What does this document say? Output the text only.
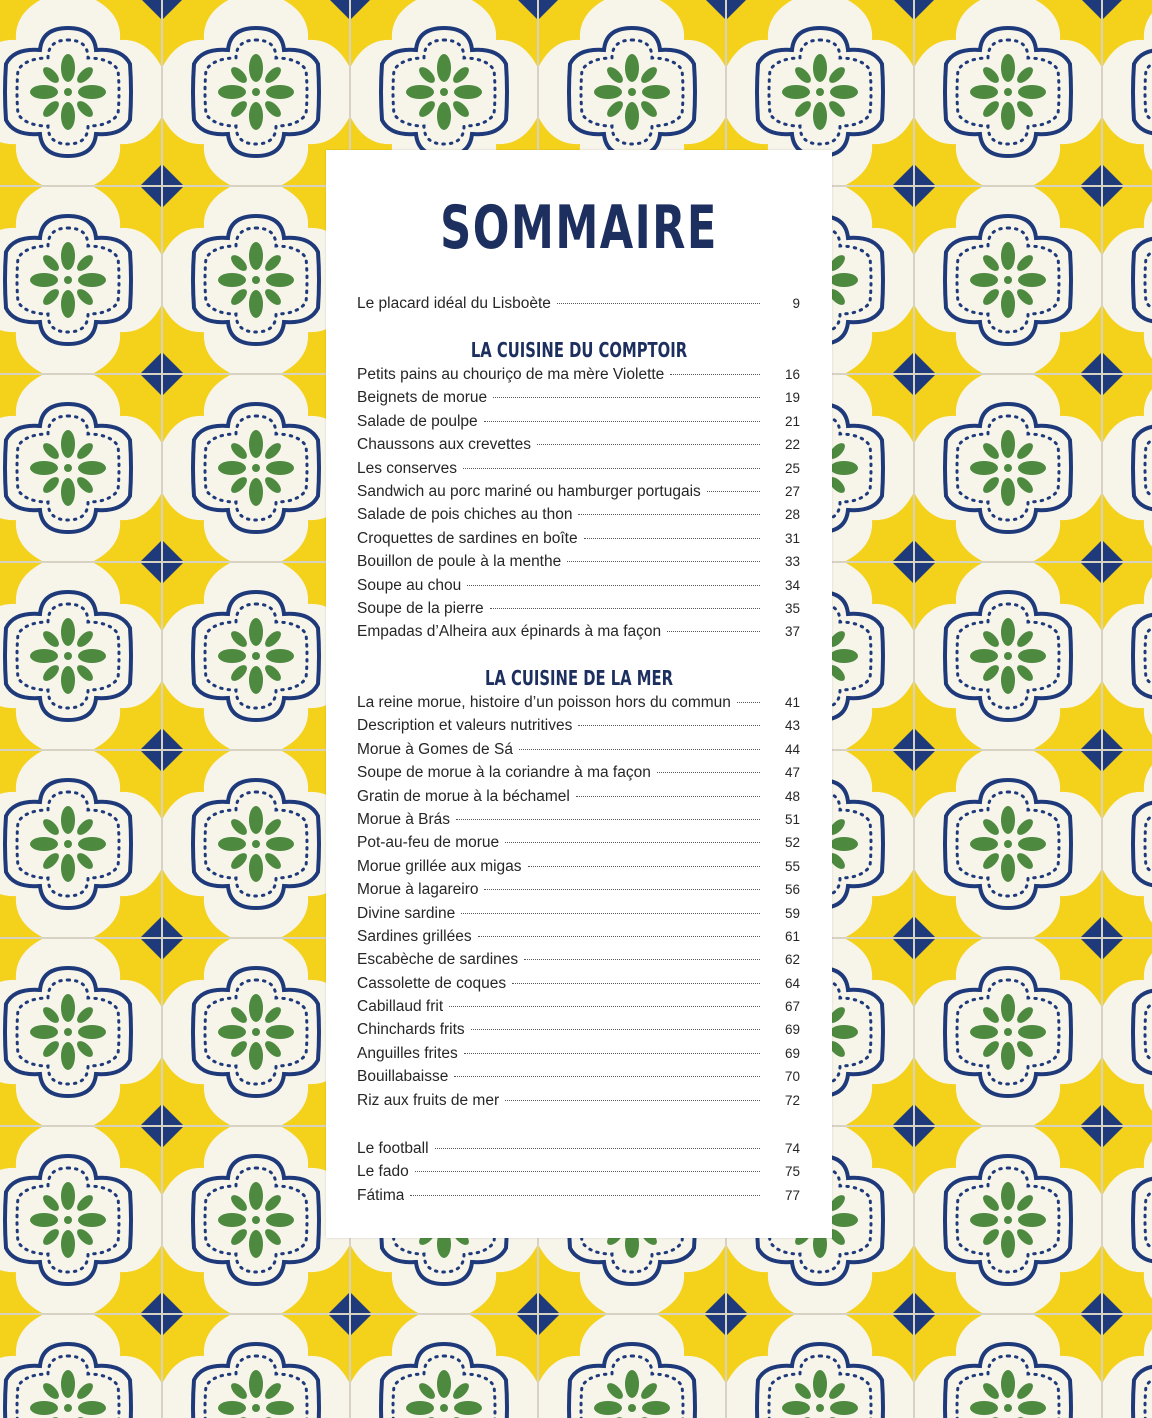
SOMMAIRE
Le placard idéal du Lisboète	9
LA CUISINE DU COMPTOIR
Petits pains au chouriço de ma mère Violette	16
Beignets de morue	19
Salade de poulpe	21
Chaussons aux crevettes	22
Les conserves	25
Sandwich au porc mariné ou hamburger portugais	27
Salade de pois chiches au thon	28
Croquettes de sardines en boîte	31
Bouillon de poule à la menthe	33
Soupe au chou	34
Soupe de la pierre	35
Empadas d’Alheira aux épinards à ma façon	37
LA CUISINE DE LA MER
La reine morue, histoire d’un poisson hors du commun	41
Description et valeurs nutritives	43
Morue à Gomes de Sá	44
Soupe de morue à la coriandre à ma façon	47
Gratin de morue à la béchamel	48
Morue à Brás	51
Pot-au-feu de morue	52
Morue grillée aux migas	55
Morue à lagareiro	56
Divine sardine	59
Sardines grillées	61
Escabèche de sardines	62
Cassolette de coques	64
Cabillaud frit	67
Chinchards frits	69
Anguilles frites	69
Bouillabaisse	70
Riz aux fruits de mer	72
Le football	74
Le fado	75
Fátima	77
